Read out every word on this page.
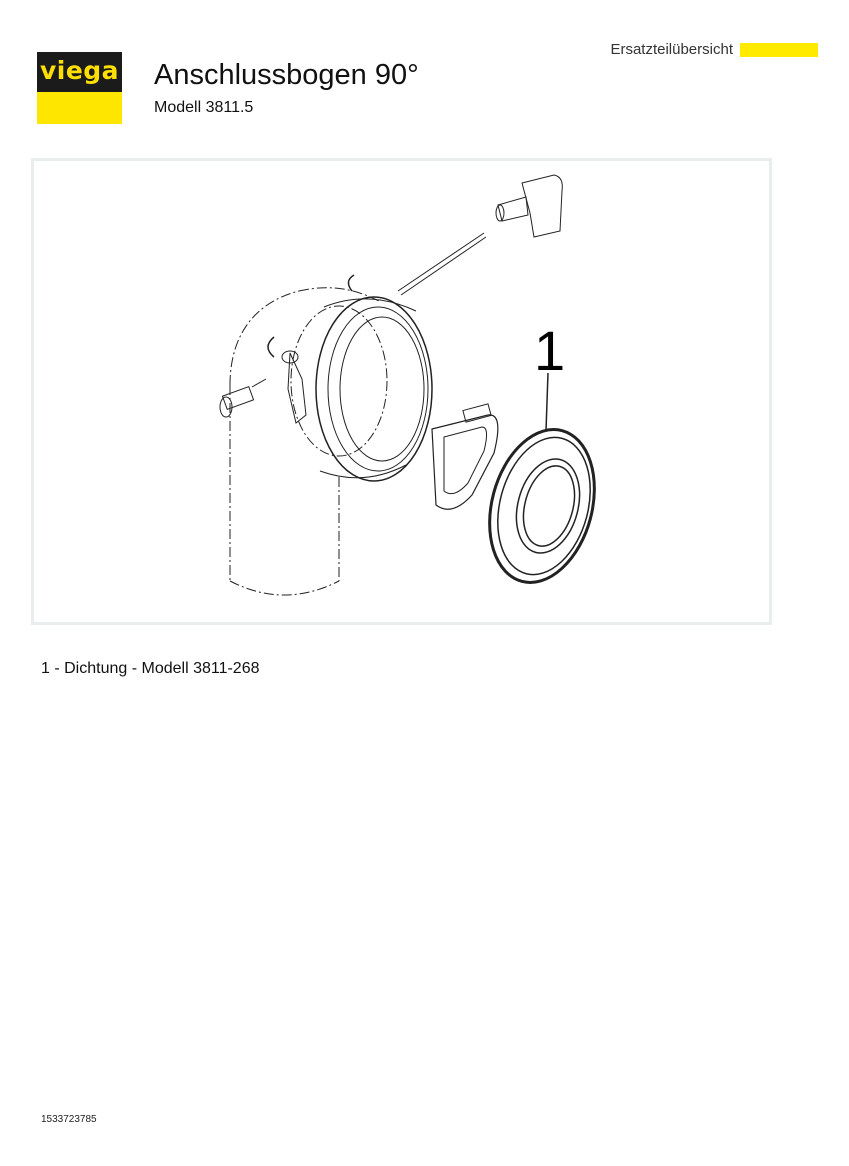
viega Anschlussbogen 90°
Modell 3811.5
Ersatzteilübersicht
1
1 - Dichtung - Modell 3811-268
1533723785
